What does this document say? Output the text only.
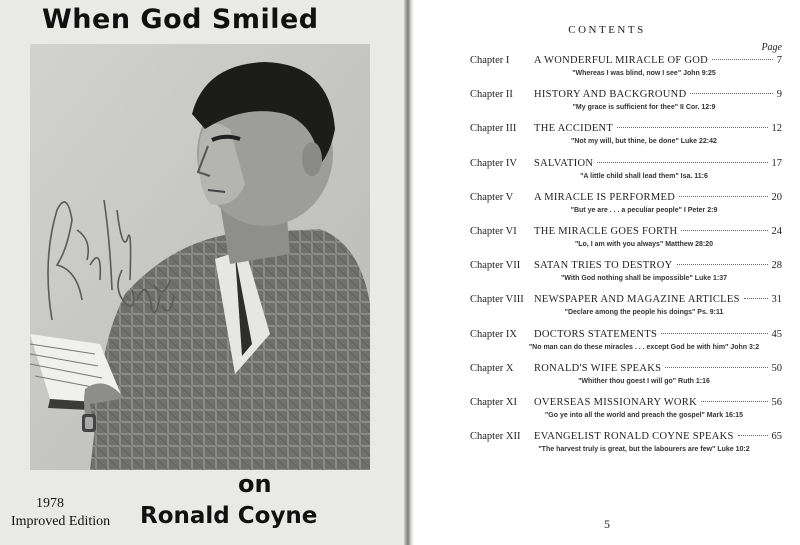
When God Smiled
1978
Improved Edition
on
Ronald Coyne
CONTENTS
Page
Chapter I	A WONDERFUL MIRACLE OF GOD	7
"Whereas I was blind, now I see" John 9:25
Chapter II	HISTORY AND BACKGROUND	9
"My grace is sufficient for thee" II Cor. 12:9
Chapter III	THE ACCIDENT	12
"Not my will, but thine, be done" Luke 22:42
Chapter IV	SALVATION	17
"A little child shall lead them" Isa. 11:6
Chapter V	A MIRACLE IS PERFORMED	20
"But ye are . . . a peculiar people" I Peter 2:9
Chapter VI	THE MIRACLE GOES FORTH	24
"Lo, I am with you always" Matthew 28:20
Chapter VII	SATAN TRIES TO DESTROY	28
"With God nothing shall be impossible" Luke 1:37
Chapter VIII NEWSPAPER AND MAGAZINE ARTICLES	31
"Declare among the people his doings" Ps. 9:11
Chapter IX	DOCTORS STATEMENTS	45
"No man can do these miracles . . . except God be with him" John 3:2
Chapter X	RONALD'S WIFE SPEAKS	50
"Whither thou goest I will go" Ruth 1:16
Chapter XI	OVERSEAS MISSIONARY WORK	56
"Go ye into all the world and preach the gospel" Mark 16:15
Chapter XII	EVANGELIST RONALD COYNE SPEAKS	65
"The harvest truly is great, but the labourers are few" Luke 10:2
5
